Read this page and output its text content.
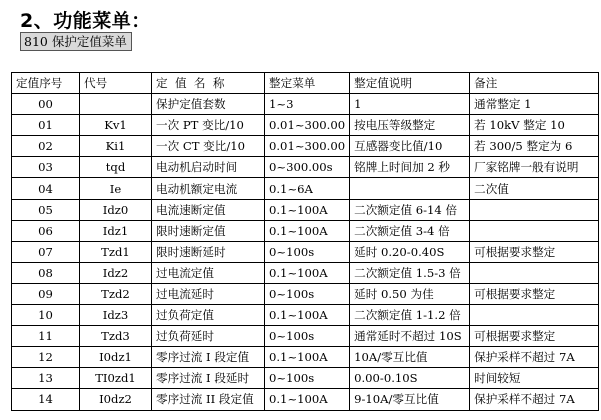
2、功能菜单：
810 保护定值菜单
定值序号	代号	定  值  名  称	整定菜单	整定值说明	备注
00		保护定值套数	1~3	1	通常整定 1
01	Kv1	一次 PT 变比/10	0.01~300.00	按电压等级整定	若 10kV 整定 10
02	Ki1	一次 CT 变比/10	0.01~300.00	互感器变比值/10	若 300/5 整定为 6
03	tqd	电动机启动时间	0~300.00s	铭牌上时间加 2 秒	厂家铭牌一般有说明
04	Ie	电动机额定电流	0.1~6A		二次值
05	Idz0	电流速断定值	0.1~100A	二次额定值 6-14 倍	
06	Idz1	限时速断定值	0.1~100A	二次额定值 3-4 倍	
07	Tzd1	限时速断延时	0~100s	延时 0.20-0.40S	可根据要求整定
08	Idz2	过电流定值	0.1~100A	二次额定值 1.5-3 倍	
09	Tzd2	过电流延时	0~100s	延时 0.50 为佳	可根据要求整定
10	Idz3	过负荷定值	0.1~100A	二次额定值 1-1.2 倍	
11	Tzd3	过负荷延时	0~100s	通常延时不超过 10S	可根据要求整定
12	I0dz1	零序过流 I 段定值	0.1~100A	10A/零互比值	保护采样不超过 7A
13	TI0zd1	零序过流 I 段延时	0~100s	0.00-0.10S	时间较短
14	I0dz2	零序过流 II 段定值	0.1~100A	9-10A/零互比值	保护采样不超过 7A
